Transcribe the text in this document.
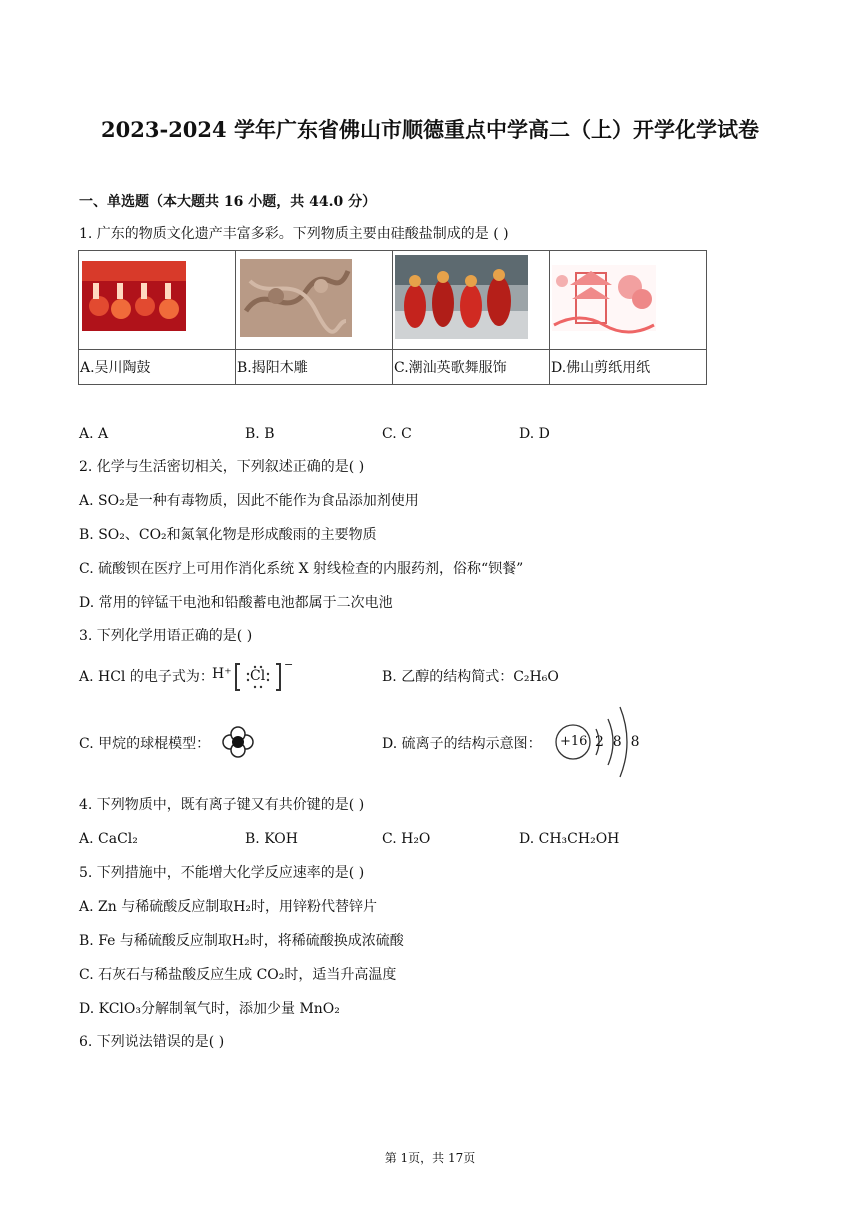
2023-2024 学年广东省佛山市顺德重点中学高二（上）开学化学试卷
一、单选题（本大题共 16 小题，共 44.0 分）
1. 广东的物质文化遗产丰富多彩。下列物质主要由硅酸盐制成的是 ( )

A.吴川陶鼓	B.揭阳木雕	C.潮汕英歌舞服饰	D.佛山剪纸用纸
A. A	B. B	C. C	D. D
2. 化学与生活密切相关，下列叙述正确的是( )
A. SO₂是一种有毒物质，因此不能作为食品添加剂使用
B. SO₂、CO₂和氮氧化物是形成酸雨的主要物质
C. 硫酸钡在医疗上可用作消化系统 X 射线检查的内服药剂，俗称“钡餐”
D. 常用的锌锰干电池和铅酸蓄电池都属于二次电池
3. 下列化学用语正确的是( )
A. HCl 的电子式为：
H⁺ Cl
−
B. 乙醇的结构简式：C₂H₆O
C. 甲烷的球棍模型：	D. 硫离子的结构示意图： +16 2  8  8
4. 下列物质中，既有离子键又有共价键的是( )
A. CaCl₂	B. KOH	C. H₂O	D. CH₃CH₂OH
5. 下列措施中，不能增大化学反应速率的是( )
A. Zn 与稀硫酸反应制取H₂时，用锌粉代替锌片
B. Fe 与稀硫酸反应制取H₂时，将稀硫酸换成浓硫酸
C. 石灰石与稀盐酸反应生成 CO₂时，适当升高温度
D. KClO₃分解制氧气时，添加少量 MnO₂
6. 下列说法错误的是( )
第 1页，共 17页
